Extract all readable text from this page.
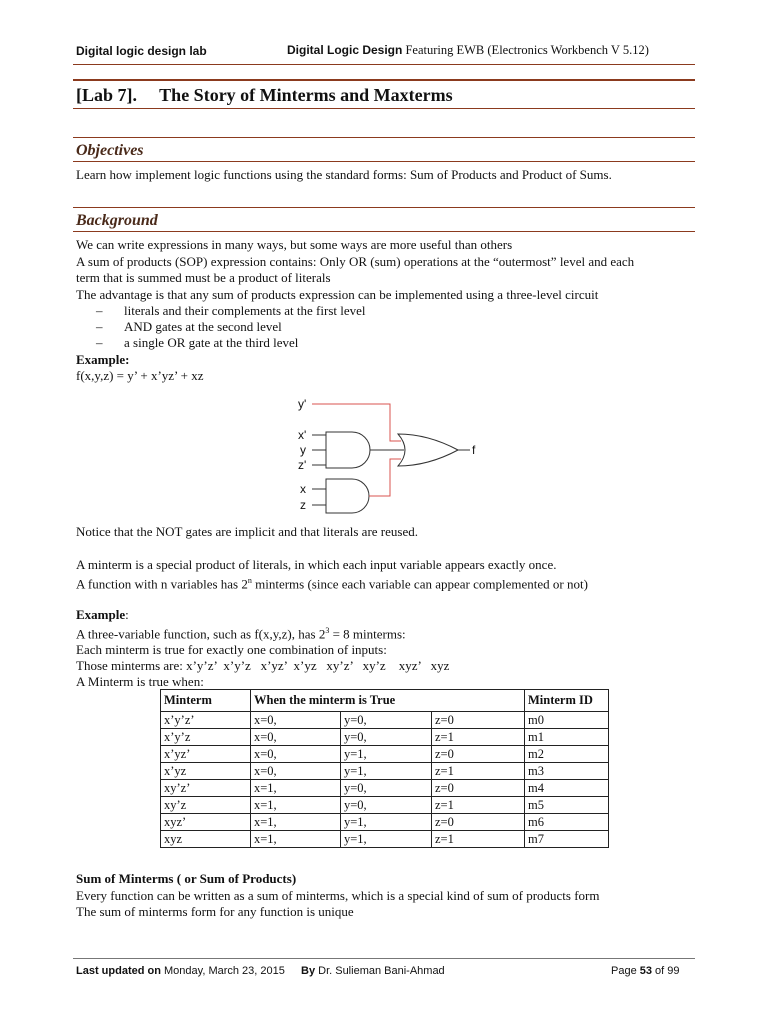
Digital logic design lab	Digital Logic Design Featuring EWB (Electronics Workbench V 5.12)
[Lab 7].     The Story of Minterms and Maxterms
Objectives
Learn how implement logic functions using the standard forms: Sum of Products and Product of Sums.
Background
We can write expressions in many ways, but some ways are more useful than others
A sum of products (SOP) expression contains: Only OR (sum) operations at the “outermost” level and each
term that is summed must be a product of literals
The advantage is that any sum of products expression can be implemented using a three-level circuit
– literals and their complements at the first level
– AND gates at the second level
– a single OR gate at the third level
Example:
f(x,y,z) = y’ + x’yz’ + xz
y'
x'
y
z'
x
z
f
Notice that the NOT gates are implicit and that literals are reused.
A minterm is a special product of literals, in which each input variable appears exactly once.
A function with n variables has 2$^n$ minterms (since each variable can appear complemented or not)
Example:
A three-variable function, such as f(x,y,z), has $2^3 = 8$ minterms:
Each minterm is true for exactly one combination of inputs:
Those minterms are: x’y’z’  x’y’z   x’yz’  x’yz   xy’z’   xy’z    xyz’   xyz
A Minterm is true when:
Minterm	When the minterm is True			Minterm ID
x’y’z’	x=0,	y=0,	z=0	m0
x’y’z	x=0,	y=0,	z=1	m1
x’yz’	x=0,	y=1,	z=0	m2
x’yz	x=0,	y=1,	z=1	m3
xy’z’	x=1,	y=0,	z=0	m4
xy’z	x=1,	y=0,	z=1	m5
xyz’	x=1,	y=1,	z=0	m6
xyz	x=1,	y=1,	z=1	m7
Sum of Minterms ( or Sum of Products)
Every function can be written as a sum of minterms, which is a special kind of sum of products form
The sum of minterms form for any function is unique
Last updated on Monday, March 23, 2015 By Dr. Sulieman Bani-Ahmad	Page 53 of 99
